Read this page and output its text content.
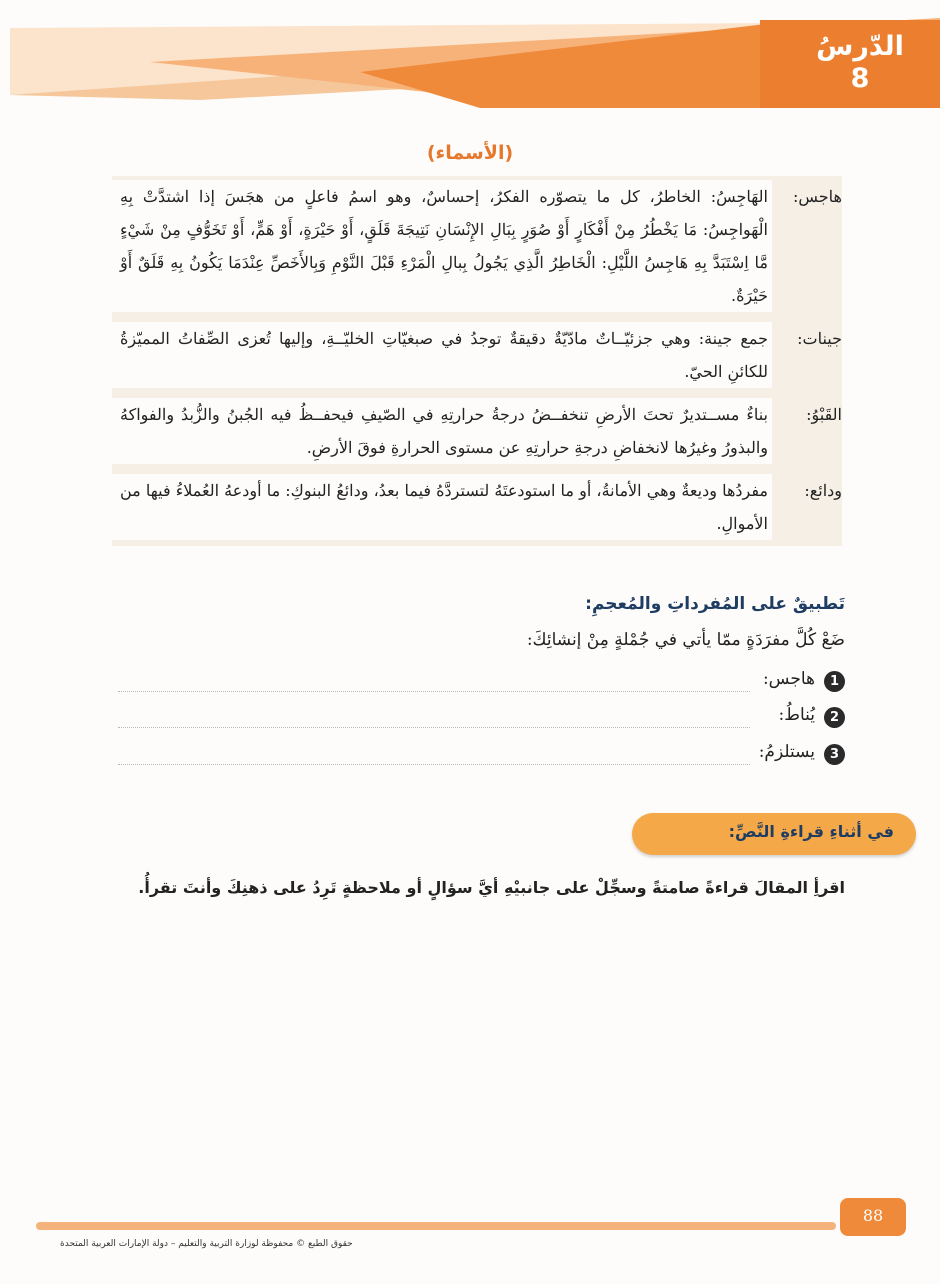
الدّرسُ
8
(الأسماء)
هاجس:
الهَاجِسُ: الخاطرُ، كل ما يتصوّره الفكرُ، إحساسٌ، وهو اسمُ فاعلٍ من هجَسَ إذا اشتدَّتْ بِهِ الْهَواجِسُ: مَا يَخْطُرُ مِنْ أَفْكَارٍ أَوْ صُوَرٍ بِبَالِ الإِنْسَانِ نَتِيجَةَ قَلَقٍ، أَوْ حَيْرَةٍ، أَوْ هَمٍّ، أَوْ تَخَوُّفٍ مِنْ شَيْءٍ مَّا اِسْتَبَدَّ بِهِ هَاجِسُ اللَّيْلِ: الْخَاطِرُ الَّذِي يَجُولُ بِبالِ الْمَرْءِ قَبْلَ النَّوْمِ وَبِالأَخَصِّ عِنْدَمَا يَكُونُ بِهِ قَلَقٌ أَوْ حَيْرَةٌ.
جينات:
جمع جينة: وهي جزئيّــاتٌ مادّيّةٌ دقيقةٌ توجدُ في صبغيّاتِ الخليّــةِ، وإليها تُعزى الصِّفاتُ المميّزةُ للكائنِ الحيّ.
القَبْوُ:
بناءٌ مســتديرٌ تحتَ الأرضِ تنخفــضُ درجةُ حرارتِهِ في الصّيفِ فيحفــظُ فيه الجُبنُ والزُّبدُ والفواكهُ والبذورُ وغيرُها لانخفاضِ درجةِ حرارتِهِ عن مستوى الحرارةِ فوقَ الأرضِ.
ودائع:
مفردُها وديعةٌ وهي الأمانةُ، أو ما استودعتَهُ لتستردَّهُ فيما بعدُ، ودائعُ البنوكِ: ما أودعهُ العُملاءُ فيها من الأموالِ.
تَطبيقٌ على المُفرداتِ والمُعجمِ:
ضَعْ كُلَّ مفرَدَةٍ ممّا يأتي في جُمْلةٍ مِنْ إنشائِكَ:
1
هاجس:
2
يُناطُ:
3
يستلزمُ:
في أثناءِ قراءةِ النَّصِّ:
اقرأِ المقالَ قراءةً صامتةً وسجِّلْ على جانبيْهِ أيَّ سؤالٍ أو ملاحظةٍ تَرِدُ على ذهنِكَ وأنتَ تقرأُ.
88
حقوق الطبع © محفوظة لوزارة التربية والتعليم – دولة الإمارات العربية المتحدة
